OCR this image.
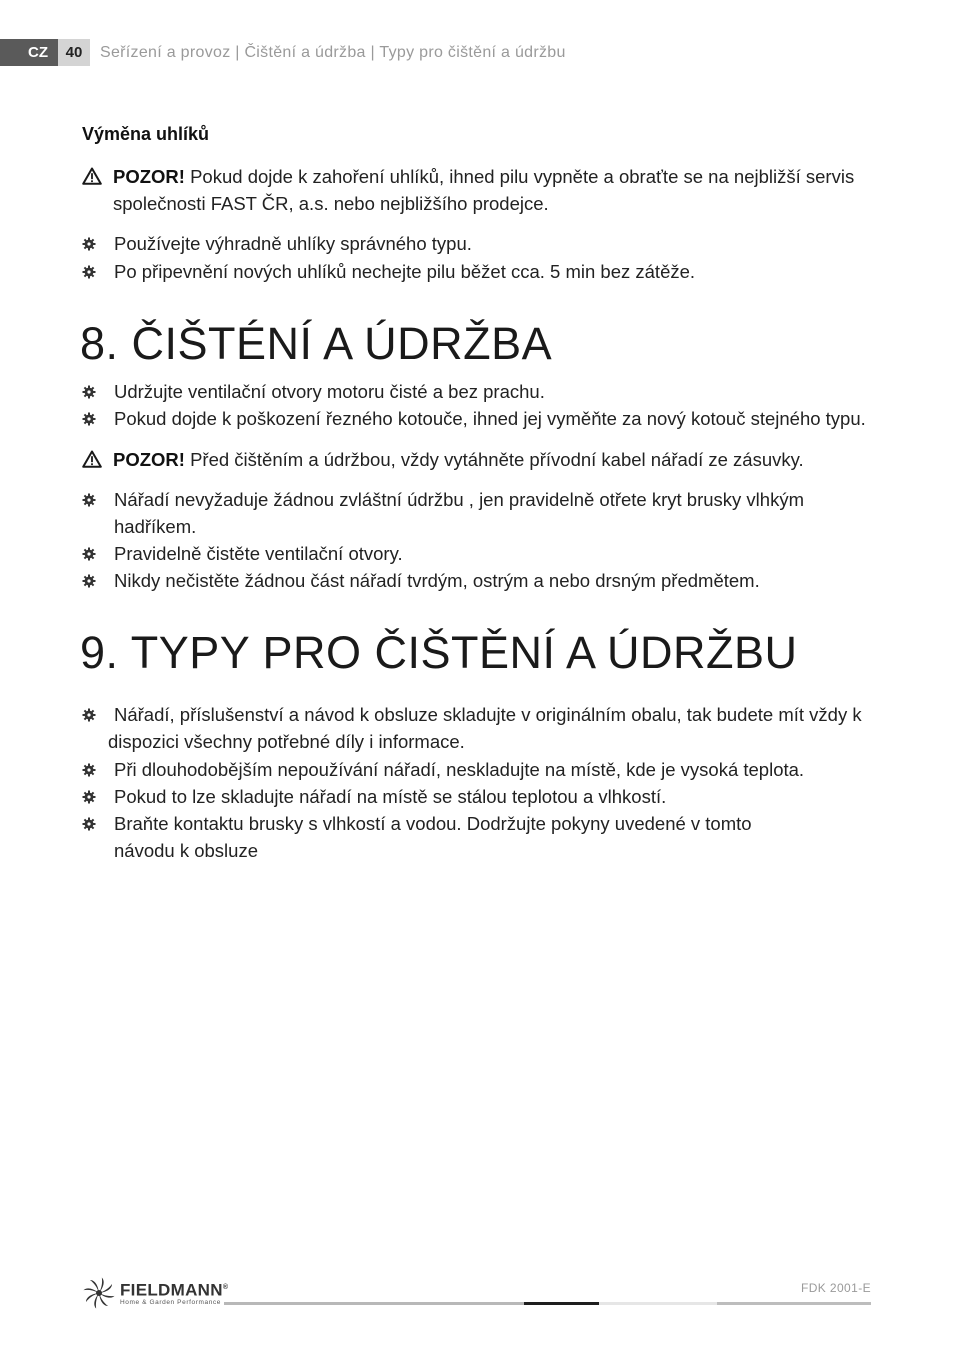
CZ	40	Seřízení a provoz | Čištění a údržba | Typy pro čištění a údržbu
Výměna uhlíků
POZOR! Pokud dojde k zahoření uhlíků, ihned pilu vypněte a obraťte se na nejbližší servis
společnosti FAST ČR, a.s. nebo nejbližšího prodejce.
Používejte výhradně uhlíky správného typu.
Po připevnění nových uhlíků nechejte pilu běžet cca. 5 min bez zátěže.
8. ČIŠTÉNÍ A ÚDRŽBA
Udržujte ventilační otvory motoru čisté a bez prachu.
Pokud dojde k poškození řezného kotouče, ihned jej vyměňte za nový kotouč stejného typu.
POZOR! Před čištěním a údržbou, vždy vytáhněte přívodní kabel nářadí ze zásuvky.
Nářadí nevyžaduje žádnou zvláštní údržbu , jen pravidelně otřete kryt brusky vlhkým
hadříkem.
Pravidelně čistěte ventilační otvory.
Nikdy nečistěte žádnou část nářadí tvrdým, ostrým a nebo drsným předmětem.
9. TYPY PRO ČIŠTĚNÍ A ÚDRŽBU
Nářadí, příslušenství a návod k obsluze skladujte v originálním obalu, tak budete mít vždy k
dispozici všechny potřebné díly i informace.
Při dlouhodobějším nepoužívání nářadí, neskladujte na místě, kde je vysoká teplota.
Pokud to lze skladujte nářadí na místě se stálou teplotou a vlhkostí.
Braňte kontaktu brusky s vlhkostí a vodou. Dodržujte pokyny uvedené v tomto
návodu k obsluze
FIELDMANN®
Home & Garden Performance
FDK 2001-E
